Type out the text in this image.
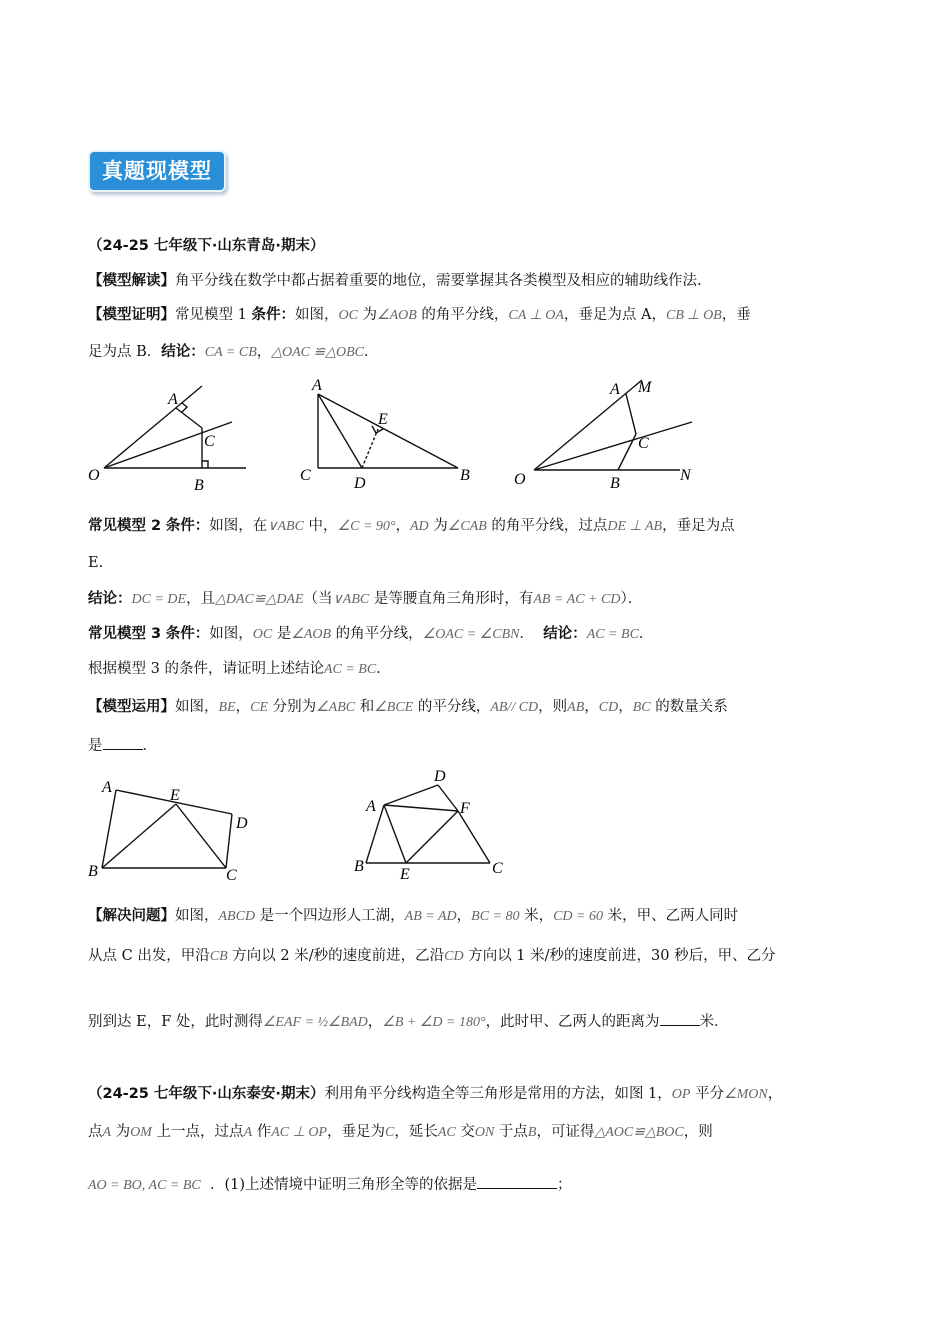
真题现模型
（24-25 七年级下·山东青岛·期末）
【模型解读】角平分线在数学中都占据着重要的地位，需要掌握其各类模型及相应的辅助线作法.
【模型证明】常见模型 1 条件：如图，OC 为∠AOB 的角平分线，CA ⊥ OA，垂足为点 A，CB ⊥ OB，垂
足为点 B．结论：CA = CB，△OAC ≌△OBC．
O
A
B
C
A
C	D	B
E
A M
C
O	B	N
常见模型 2 条件：如图，在∨ABC 中，∠C = 90°，AD 为∠CAB 的角平分线，过点DE ⊥ AB，垂足为点
E.
结论：DC = DE，且△DAC≌△DAE（当∨ABC 是等腰直角三角形时，有AB = AC + CD）．
常见模型 3 条件：如图，OC 是∠AOB 的角平分线，∠OAC = ∠CBN． 结论：AC = BC．
根据模型 3 的条件，请证明上述结论AC = BC．
【模型运用】如图，BE，CE 分别为∠ABC 和∠BCE 的平分线，AB// CD，则AB，CD，BC 的数量关系
是	．
A	E
D
B	C
D
A	F
B E	C
【解决问题】如图，ABCD 是一个四边形人工湖，AB = AD，BC = 80 米，CD = 60 米，甲、乙两人同时
从点 C 出发，甲沿CB 方向以 2 米/秒的速度前进，乙沿CD 方向以 1 米/秒的速度前进，30 秒后，甲、乙分
别到达 E，F 处，此时测得∠EAF = ½∠BAD，∠B + ∠D = 180°，此时甲、乙两人的距离为	米．
（24-25 七年级下·山东泰安·期末）利用角平分线构造全等三角形是常用的方法，如图 1，OP 平分∠MON，
点A 为OM 上一点，过点A 作AC ⊥ OP，垂足为C，延长AC 交ON 于点B，可证得△AOC≌△BOC，则
AO = BO, AC = BC ．(1)上述情境中证明三角形全等的依据是	；
